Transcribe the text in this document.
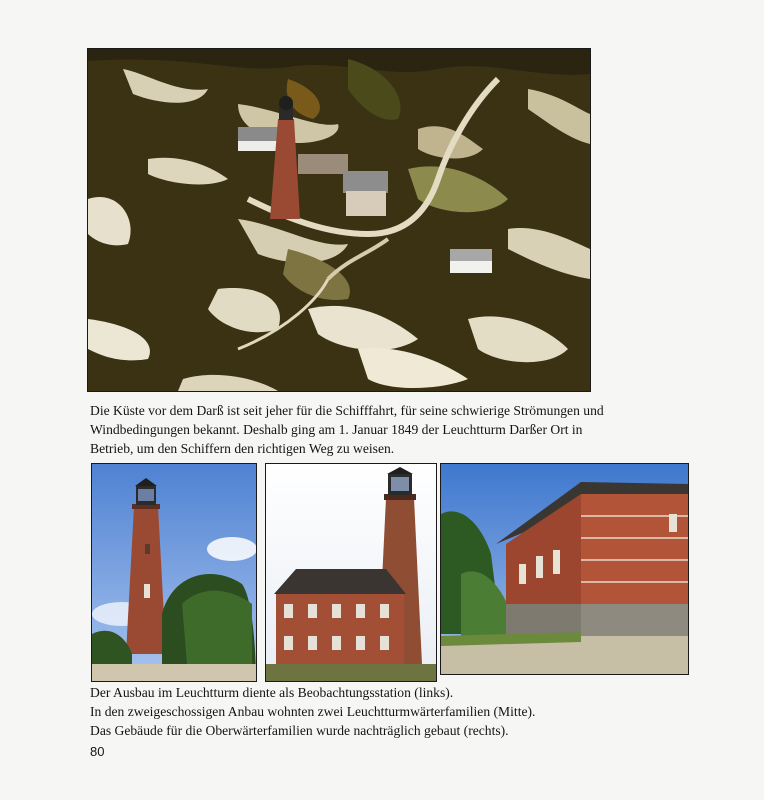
Die Küste vor dem Darß ist seit jeher für die Schifffahrt, für seine schwierige Strömungen und
Windbedingungen bekannt. Deshalb ging am 1. Januar 1849 der Leuchtturm Darßer Ort in
Betrieb, um den Schiffern den richtigen Weg zu weisen.

Der Ausbau im Leuchtturm diente als Beobachtungsstation (links).
In den zweigeschossigen Anbau wohnten zwei Leuchtturmwärterfamilien (Mitte).
Das Gebäude für die Oberwärterfamilien wurde nachträglich gebaut (rechts).

80
